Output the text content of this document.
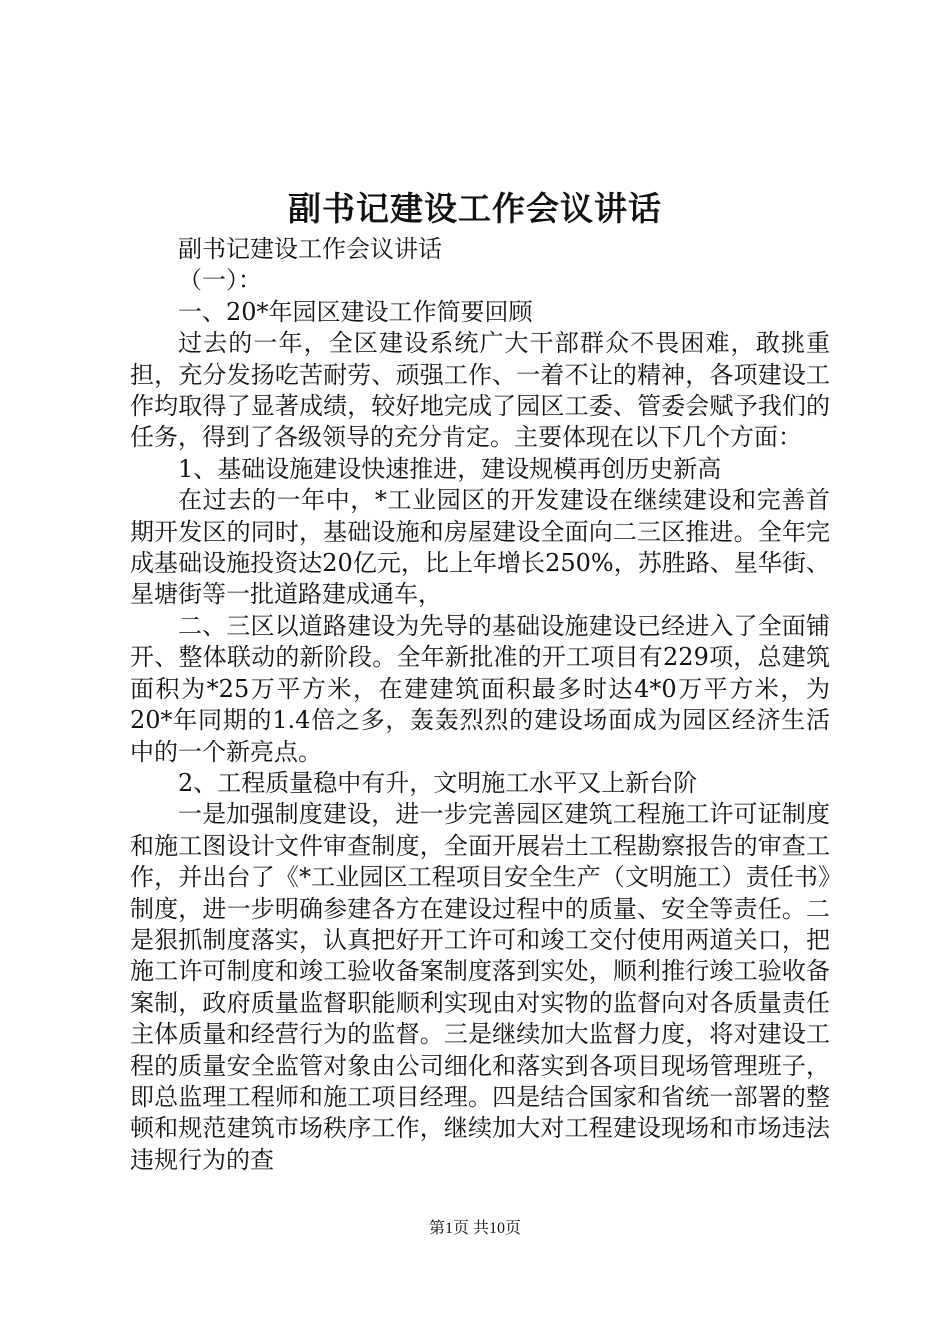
副书记建设工作会议讲话

副书记建设工作会议讲话

（一）：

一、20*年园区建设工作简要回顾

过去的一年，全区建设系统广大干部群众不畏困难，敢挑重担，充分发扬吃苦耐劳、顽强工作、一着不让的精神，各项建设工作均取得了显著成绩，较好地完成了园区工委、管委会赋予我们的任务，得到了各级领导的充分肯定。主要体现在以下几个方面：

1、基础设施建设快速推进，建设规模再创历史新高

在过去的一年中，*工业园区的开发建设在继续建设和完善首期开发区的同时，基础设施和房屋建设全面向二三区推进。全年完成基础设施投资达20亿元，比上年增长250%，苏胜路、星华街、星塘街等一批道路建成通车，

二、三区以道路建设为先导的基础设施建设已经进入了全面铺开、整体联动的新阶段。全年新批准的开工项目有229项，总建筑面积为*25万平方米，在建建筑面积最多时达4*0万平方米，为20*年同期的1.4倍之多，轰轰烈烈的建设场面成为园区经济生活中的一个新亮点。

2、工程质量稳中有升，文明施工水平又上新台阶

一是加强制度建设，进一步完善园区建筑工程施工许可证制度和施工图设计文件审查制度，全面开展岩土工程勘察报告的审查工作，并出台了《*工业园区工程项目安全生产（文明施工）责任书》制度，进一步明确参建各方在建设过程中的质量、安全等责任。二是狠抓制度落实，认真把好开工许可和竣工交付使用两道关口，把施工许可制度和竣工验收备案制度落到实处，顺利推行竣工验收备案制，政府质量监督职能顺利实现由对实物的监督向对各质量责任主体质量和经营行为的监督。三是继续加大监督力度，将对建设工程的质量安全监管对象由公司细化和落实到各项目现场管理班子，即总监理工程师和施工项目经理。四是结合国家和省统一部署的整顿和规范建筑市场秩序工作，继续加大对工程建设现场和市场违法违规行为的查

第1页 共10页
